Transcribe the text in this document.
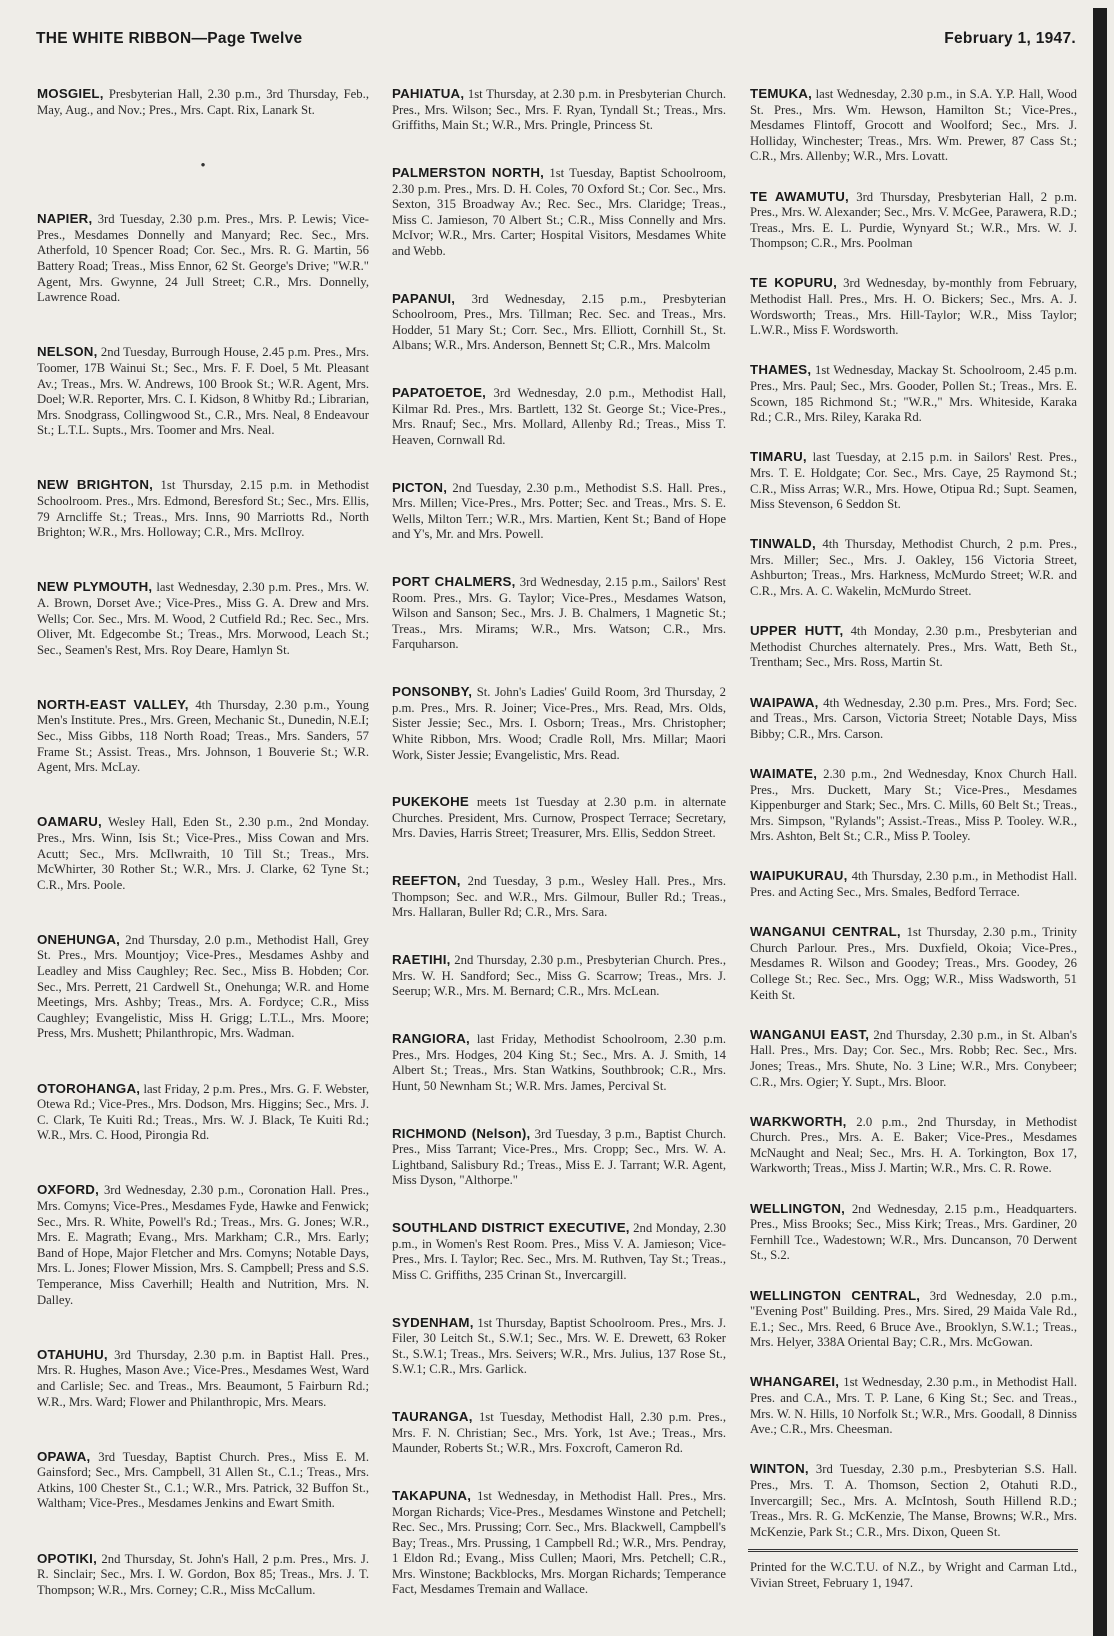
THE WHITE RIBBON—Page Twelve	February 1, 1947.
MOSGIEL, Presbyterian Hall, 2.30 p.m., 3rd Thursday, Feb., May, Aug., and Nov.; Pres., Mrs. Capt. Rix, Lanark St.
•
NAPIER, 3rd Tuesday, 2.30 p.m. Pres., Mrs. P. Lewis; Vice-Pres., Mesdames Donnelly and Manyard; Rec. Sec., Mrs. Atherfold, 10 Spencer Road; Cor. Sec., Mrs. R. G. Martin, 56 Battery Road; Treas., Miss Ennor, 62 St. George's Drive; "W.R." Agent, Mrs. Gwynne, 24 Jull Street; C.R., Mrs. Donnelly, Lawrence Road.
NELSON, 2nd Tuesday, Burrough House, 2.45 p.m. Pres., Mrs. Toomer, 17B Wainui St.; Sec., Mrs. F. F. Doel, 5 Mt. Pleasant Av.; Treas., Mrs. W. Andrews, 100 Brook St.; W.R. Agent, Mrs. Doel; W.R. Reporter, Mrs. C. I. Kidson, 8 Whitby Rd.; Librarian, Mrs. Snodgrass, Collingwood St., C.R., Mrs. Neal, 8 Endeavour St.; L.T.L. Supts., Mrs. Toomer and Mrs. Neal.
NEW BRIGHTON, 1st Thursday, 2.15 p.m. in Methodist Schoolroom. Pres., Mrs. Edmond, Beresford St.; Sec., Mrs. Ellis, 79 Arncliffe St.; Treas., Mrs. Inns, 90 Marriotts Rd., North Brighton; W.R., Mrs. Holloway; C.R., Mrs. McIlroy.
NEW PLYMOUTH, last Wednesday, 2.30 p.m. Pres., Mrs. W. A. Brown, Dorset Ave.; Vice-Pres., Miss G. A. Drew and Mrs. Wells; Cor. Sec., Mrs. M. Wood, 2 Cutfield Rd.; Rec. Sec., Mrs. Oliver, Mt. Edgecombe St.; Treas., Mrs. Morwood, Leach St.; Sec., Seamen's Rest, Mrs. Roy Deare, Hamlyn St.
NORTH-EAST VALLEY, 4th Thursday, 2.30 p.m., Young Men's Institute. Pres., Mrs. Green, Mechanic St., Dunedin, N.E.I; Sec., Miss Gibbs, 118 North Road; Treas., Mrs. Sanders, 57 Frame St.; Assist. Treas., Mrs. Johnson, 1 Bouverie St.; W.R. Agent, Mrs. McLay.
OAMARU, Wesley Hall, Eden St., 2.30 p.m., 2nd Monday. Pres., Mrs. Winn, Isis St.; Vice-Pres., Miss Cowan and Mrs. Acutt; Sec., Mrs. McIlwraith, 10 Till St.; Treas., Mrs. McWhirter, 30 Rother St.; W.R., Mrs. J. Clarke, 62 Tyne St.; C.R., Mrs. Poole.
ONEHUNGA, 2nd Thursday, 2.0 p.m., Methodist Hall, Grey St. Pres., Mrs. Mountjoy; Vice-Pres., Mesdames Ashby and Leadley and Miss Caughley; Rec. Sec., Miss B. Hobden; Cor. Sec., Mrs. Perrett, 21 Cardwell St., Onehunga; W.R. and Home Meetings, Mrs. Ashby; Treas., Mrs. A. Fordyce; C.R., Miss Caughley; Evangelistic, Miss H. Grigg; L.T.L., Mrs. Moore; Press, Mrs. Mushett; Philanthropic, Mrs. Wadman.
OTOROHANGA, last Friday, 2 p.m. Pres., Mrs. G. F. Webster, Otewa Rd.; Vice-Pres., Mrs. Dodson, Mrs. Higgins; Sec., Mrs. J. C. Clark, Te Kuiti Rd.; Treas., Mrs. W. J. Black, Te Kuiti Rd.; W.R., Mrs. C. Hood, Pirongia Rd.
OXFORD, 3rd Wednesday, 2.30 p.m., Coronation Hall. Pres., Mrs. Comyns; Vice-Pres., Mesdames Fyde, Hawke and Fenwick; Sec., Mrs. R. White, Powell's Rd.; Treas., Mrs. G. Jones; W.R., Mrs. E. Magrath; Evang., Mrs. Markham; C.R., Mrs. Early; Band of Hope, Major Fletcher and Mrs. Comyns; Notable Days, Mrs. L. Jones; Flower Mission, Mrs. S. Campbell; Press and S.S. Temperance, Miss Caverhill; Health and Nutrition, Mrs. N. Dalley.
OTAHUHU, 3rd Thursday, 2.30 p.m. in Baptist Hall. Pres., Mrs. R. Hughes, Mason Ave.; Vice-Pres., Mesdames West, Ward and Carlisle; Sec. and Treas., Mrs. Beaumont, 5 Fairburn Rd.; W.R., Mrs. Ward; Flower and Philanthropic, Mrs. Mears.
OPAWA, 3rd Tuesday, Baptist Church. Pres., Miss E. M. Gainsford; Sec., Mrs. Campbell, 31 Allen St., C.1.; Treas., Mrs. Atkins, 100 Chester St., C.1.; W.R., Mrs. Patrick, 32 Buffon St., Waltham; Vice-Pres., Mesdames Jenkins and Ewart Smith.
OPOTIKI, 2nd Thursday, St. John's Hall, 2 p.m. Pres., Mrs. J. R. Sinclair; Sec., Mrs. I. W. Gordon, Box 85; Treas., Mrs. J. T. Thompson; W.R., Mrs. Corney; C.R., Miss McCallum.
PAHIATUA, 1st Thursday, at 2.30 p.m. in Presbyterian Church. Pres., Mrs. Wilson; Sec., Mrs. F. Ryan, Tyndall St.; Treas., Mrs. Griffiths, Main St.; W.R., Mrs. Pringle, Princess St.
PALMERSTON NORTH, 1st Tuesday, Baptist Schoolroom, 2.30 p.m. Pres., Mrs. D. H. Coles, 70 Oxford St.; Cor. Sec., Mrs. Sexton, 315 Broadway Av.; Rec. Sec., Mrs. Claridge; Treas., Miss C. Jamieson, 70 Albert St.; C.R., Miss Connelly and Mrs. McIvor; W.R., Mrs. Carter; Hospital Visitors, Mesdames White and Webb.
PAPANUI, 3rd Wednesday, 2.15 p.m., Presbyterian Schoolroom, Pres., Mrs. Tillman; Rec. Sec. and Treas., Mrs. Hodder, 51 Mary St.; Corr. Sec., Mrs. Elliott, Cornhill St., St. Albans; W.R., Mrs. Anderson, Bennett St; C.R., Mrs. Malcolm
PAPATOETOE, 3rd Wednesday, 2.0 p.m., Methodist Hall, Kilmar Rd. Pres., Mrs. Bartlett, 132 St. George St.; Vice-Pres., Mrs. Rnauf; Sec., Mrs. Mollard, Allenby Rd.; Treas., Miss T. Heaven, Cornwall Rd.
PICTON, 2nd Tuesday, 2.30 p.m., Methodist S.S. Hall. Pres., Mrs. Millen; Vice-Pres., Mrs. Potter; Sec. and Treas., Mrs. S. E. Wells, Milton Terr.; W.R., Mrs. Martien, Kent St.; Band of Hope and Y's, Mr. and Mrs. Powell.
PORT CHALMERS, 3rd Wednesday, 2.15 p.m., Sailors' Rest Room. Pres., Mrs. G. Taylor; Vice-Pres., Mesdames Watson, Wilson and Sanson; Sec., Mrs. J. B. Chalmers, 1 Magnetic St.; Treas., Mrs. Mirams; W.R., Mrs. Watson; C.R., Mrs. Farquharson.
PONSONBY, St. John's Ladies' Guild Room, 3rd Thursday, 2 p.m. Pres., Mrs. R. Joiner; Vice-Pres., Mrs. Read, Mrs. Olds, Sister Jessie; Sec., Mrs. I. Osborn; Treas., Mrs. Christopher; White Ribbon, Mrs. Wood; Cradle Roll, Mrs. Millar; Maori Work, Sister Jessie; Evangelistic, Mrs. Read.
PUKEKOHE meets 1st Tuesday at 2.30 p.m. in alternate Churches. President, Mrs. Curnow, Prospect Terrace; Secretary, Mrs. Davies, Harris Street; Treasurer, Mrs. Ellis, Seddon Street.
REEFTON, 2nd Tuesday, 3 p.m., Wesley Hall. Pres., Mrs. Thompson; Sec. and W.R., Mrs. Gilmour, Buller Rd.; Treas., Mrs. Hallaran, Buller Rd; C.R., Mrs. Sara.
RAETIHI, 2nd Thursday, 2.30 p.m., Presbyterian Church. Pres., Mrs. W. H. Sandford; Sec., Miss G. Scarrow; Treas., Mrs. J. Seerup; W.R., Mrs. M. Bernard; C.R., Mrs. McLean.
RANGIORA, last Friday, Methodist Schoolroom, 2.30 p.m. Pres., Mrs. Hodges, 204 King St.; Sec., Mrs. A. J. Smith, 14 Albert St.; Treas., Mrs. Stan Watkins, Southbrook; C.R., Mrs. Hunt, 50 Newnham St.; W.R. Mrs. James, Percival St.
RICHMOND (Nelson), 3rd Tuesday, 3 p.m., Baptist Church. Pres., Miss Tarrant; Vice-Pres., Mrs. Cropp; Sec., Mrs. W. A. Lightband, Salisbury Rd.; Treas., Miss E. J. Tarrant; W.R. Agent, Miss Dyson, "Althorpe."
SOUTHLAND DISTRICT EXECUTIVE, 2nd Monday, 2.30 p.m., in Women's Rest Room. Pres., Miss V. A. Jamieson; Vice-Pres., Mrs. I. Taylor; Rec. Sec., Mrs. M. Ruthven, Tay St.; Treas., Miss C. Griffiths, 235 Crinan St., Invercargill.
SYDENHAM, 1st Thursday, Baptist Schoolroom. Pres., Mrs. J. Filer, 30 Leitch St., S.W.1; Sec., Mrs. W. E. Drewett, 63 Roker St., S.W.1; Treas., Mrs. Seivers; W.R., Mrs. Julius, 137 Rose St., S.W.1; C.R., Mrs. Garlick.
TAURANGA, 1st Tuesday, Methodist Hall, 2.30 p.m. Pres., Mrs. F. N. Christian; Sec., Mrs. York, 1st Ave.; Treas., Mrs. Maunder, Roberts St.; W.R., Mrs. Foxcroft, Cameron Rd.
TAKAPUNA, 1st Wednesday, in Methodist Hall. Pres., Mrs. Morgan Richards; Vice-Pres., Mesdames Winstone and Petchell; Rec. Sec., Mrs. Prussing; Corr. Sec., Mrs. Blackwell, Campbell's Bay; Treas., Mrs. Prussing, 1 Campbell Rd.; W.R., Mrs. Pendray, 1 Eldon Rd.; Evang., Miss Cullen; Maori, Mrs. Petchell; C.R., Mrs. Winstone; Backblocks, Mrs. Morgan Richards; Temperance Fact, Mesdames Tremain and Wallace.
TEMUKA, last Wednesday, 2.30 p.m., in S.A. Y.P. Hall, Wood St. Pres., Mrs. Wm. Hewson, Hamilton St.; Vice-Pres., Mesdames Flintoff, Grocott and Woolford; Sec., Mrs. J. Holliday, Winchester; Treas., Mrs. Wm. Prewer, 87 Cass St.; C.R., Mrs. Allenby; W.R., Mrs. Lovatt.
TE AWAMUTU, 3rd Thursday, Presbyterian Hall, 2 p.m. Pres., Mrs. W. Alexander; Sec., Mrs. V. McGee, Parawera, R.D.; Treas., Mrs. E. L. Purdie, Wynyard St.; W.R., Mrs. W. J. Thompson; C.R., Mrs. Poolman
TE KOPURU, 3rd Wednesday, by-monthly from February, Methodist Hall. Pres., Mrs. H. O. Bickers; Sec., Mrs. A. J. Wordsworth; Treas., Mrs. Hill-Taylor; W.R., Miss Taylor; L.W.R., Miss F. Wordsworth.
THAMES, 1st Wednesday, Mackay St. Schoolroom, 2.45 p.m. Pres., Mrs. Paul; Sec., Mrs. Gooder, Pollen St.; Treas., Mrs. E. Scown, 185 Richmond St.; "W.R.," Mrs. Whiteside, Karaka Rd.; C.R., Mrs. Riley, Karaka Rd.
TIMARU, last Tuesday, at 2.15 p.m. in Sailors' Rest. Pres., Mrs. T. E. Holdgate; Cor. Sec., Mrs. Caye, 25 Raymond St.; C.R., Miss Arras; W.R., Mrs. Howe, Otipua Rd.; Supt. Seamen, Miss Stevenson, 6 Seddon St.
TINWALD, 4th Thursday, Methodist Church, 2 p.m. Pres., Mrs. Miller; Sec., Mrs. J. Oakley, 156 Victoria Street, Ashburton; Treas., Mrs. Harkness, McMurdo Street; W.R. and C.R., Mrs. A. C. Wakelin, McMurdo Street.
UPPER HUTT, 4th Monday, 2.30 p.m., Presbyterian and Methodist Churches alternately. Pres., Mrs. Watt, Beth St., Trentham; Sec., Mrs. Ross, Martin St.
WAIPAWA, 4th Wednesday, 2.30 p.m. Pres., Mrs. Ford; Sec. and Treas., Mrs. Carson, Victoria Street; Notable Days, Miss Bibby; C.R., Mrs. Carson.
WAIMATE, 2.30 p.m., 2nd Wednesday, Knox Church Hall. Pres., Mrs. Duckett, Mary St.; Vice-Pres., Mesdames Kippenburger and Stark; Sec., Mrs. C. Mills, 60 Belt St.; Treas., Mrs. Simpson, "Rylands"; Assist.-Treas., Miss P. Tooley. W.R., Mrs. Ashton, Belt St.; C.R., Miss P. Tooley.
WAIPUKURAU, 4th Thursday, 2.30 p.m., in Methodist Hall. Pres. and Acting Sec., Mrs. Smales, Bedford Terrace.
WANGANUI CENTRAL, 1st Thursday, 2.30 p.m., Trinity Church Parlour. Pres., Mrs. Duxfield, Okoia; Vice-Pres., Mesdames R. Wilson and Goodey; Treas., Mrs. Goodey, 26 College St.; Rec. Sec., Mrs. Ogg; W.R., Miss Wadsworth, 51 Keith St.
WANGANUI EAST, 2nd Thursday, 2.30 p.m., in St. Alban's Hall. Pres., Mrs. Day; Cor. Sec., Mrs. Robb; Rec. Sec., Mrs. Jones; Treas., Mrs. Shute, No. 3 Line; W.R., Mrs. Conybeer; C.R., Mrs. Ogier; Y. Supt., Mrs. Bloor.
WARKWORTH, 2.0 p.m., 2nd Thursday, in Methodist Church. Pres., Mrs. A. E. Baker; Vice-Pres., Mesdames McNaught and Neal; Sec., Mrs. H. A. Torkington, Box 17, Warkworth; Treas., Miss J. Martin; W.R., Mrs. C. R. Rowe.
WELLINGTON, 2nd Wednesday, 2.15 p.m., Headquarters. Pres., Miss Brooks; Sec., Miss Kirk; Treas., Mrs. Gardiner, 20 Fernhill Tce., Wadestown; W.R., Mrs. Duncanson, 70 Derwent St., S.2.
WELLINGTON CENTRAL, 3rd Wednesday, 2.0 p.m., "Evening Post" Building. Pres., Mrs. Sired, 29 Maida Vale Rd., E.1.; Sec., Mrs. Reed, 6 Bruce Ave., Brooklyn, S.W.1.; Treas., Mrs. Helyer, 338A Oriental Bay; C.R., Mrs. McGowan.
WHANGAREI, 1st Wednesday, 2.30 p.m., in Methodist Hall. Pres. and C.A., Mrs. T. P. Lane, 6 King St.; Sec. and Treas., Mrs. W. N. Hills, 10 Norfolk St.; W.R., Mrs. Goodall, 8 Dinniss Ave.; C.R., Mrs. Cheesman.
WINTON, 3rd Tuesday, 2.30 p.m., Presbyterian S.S. Hall. Pres., Mrs. T. A. Thomson, Section 2, Otahuti R.D., Invercargill; Sec., Mrs. A. McIntosh, South Hillend R.D.; Treas., Mrs. R. G. McKenzie, The Manse, Browns; W.R., Mrs. McKenzie, Park St.; C.R., Mrs. Dixon, Queen St.
Printed for the W.C.T.U. of N.Z., by Wright and Carman Ltd., Vivian Street, February 1, 1947.
